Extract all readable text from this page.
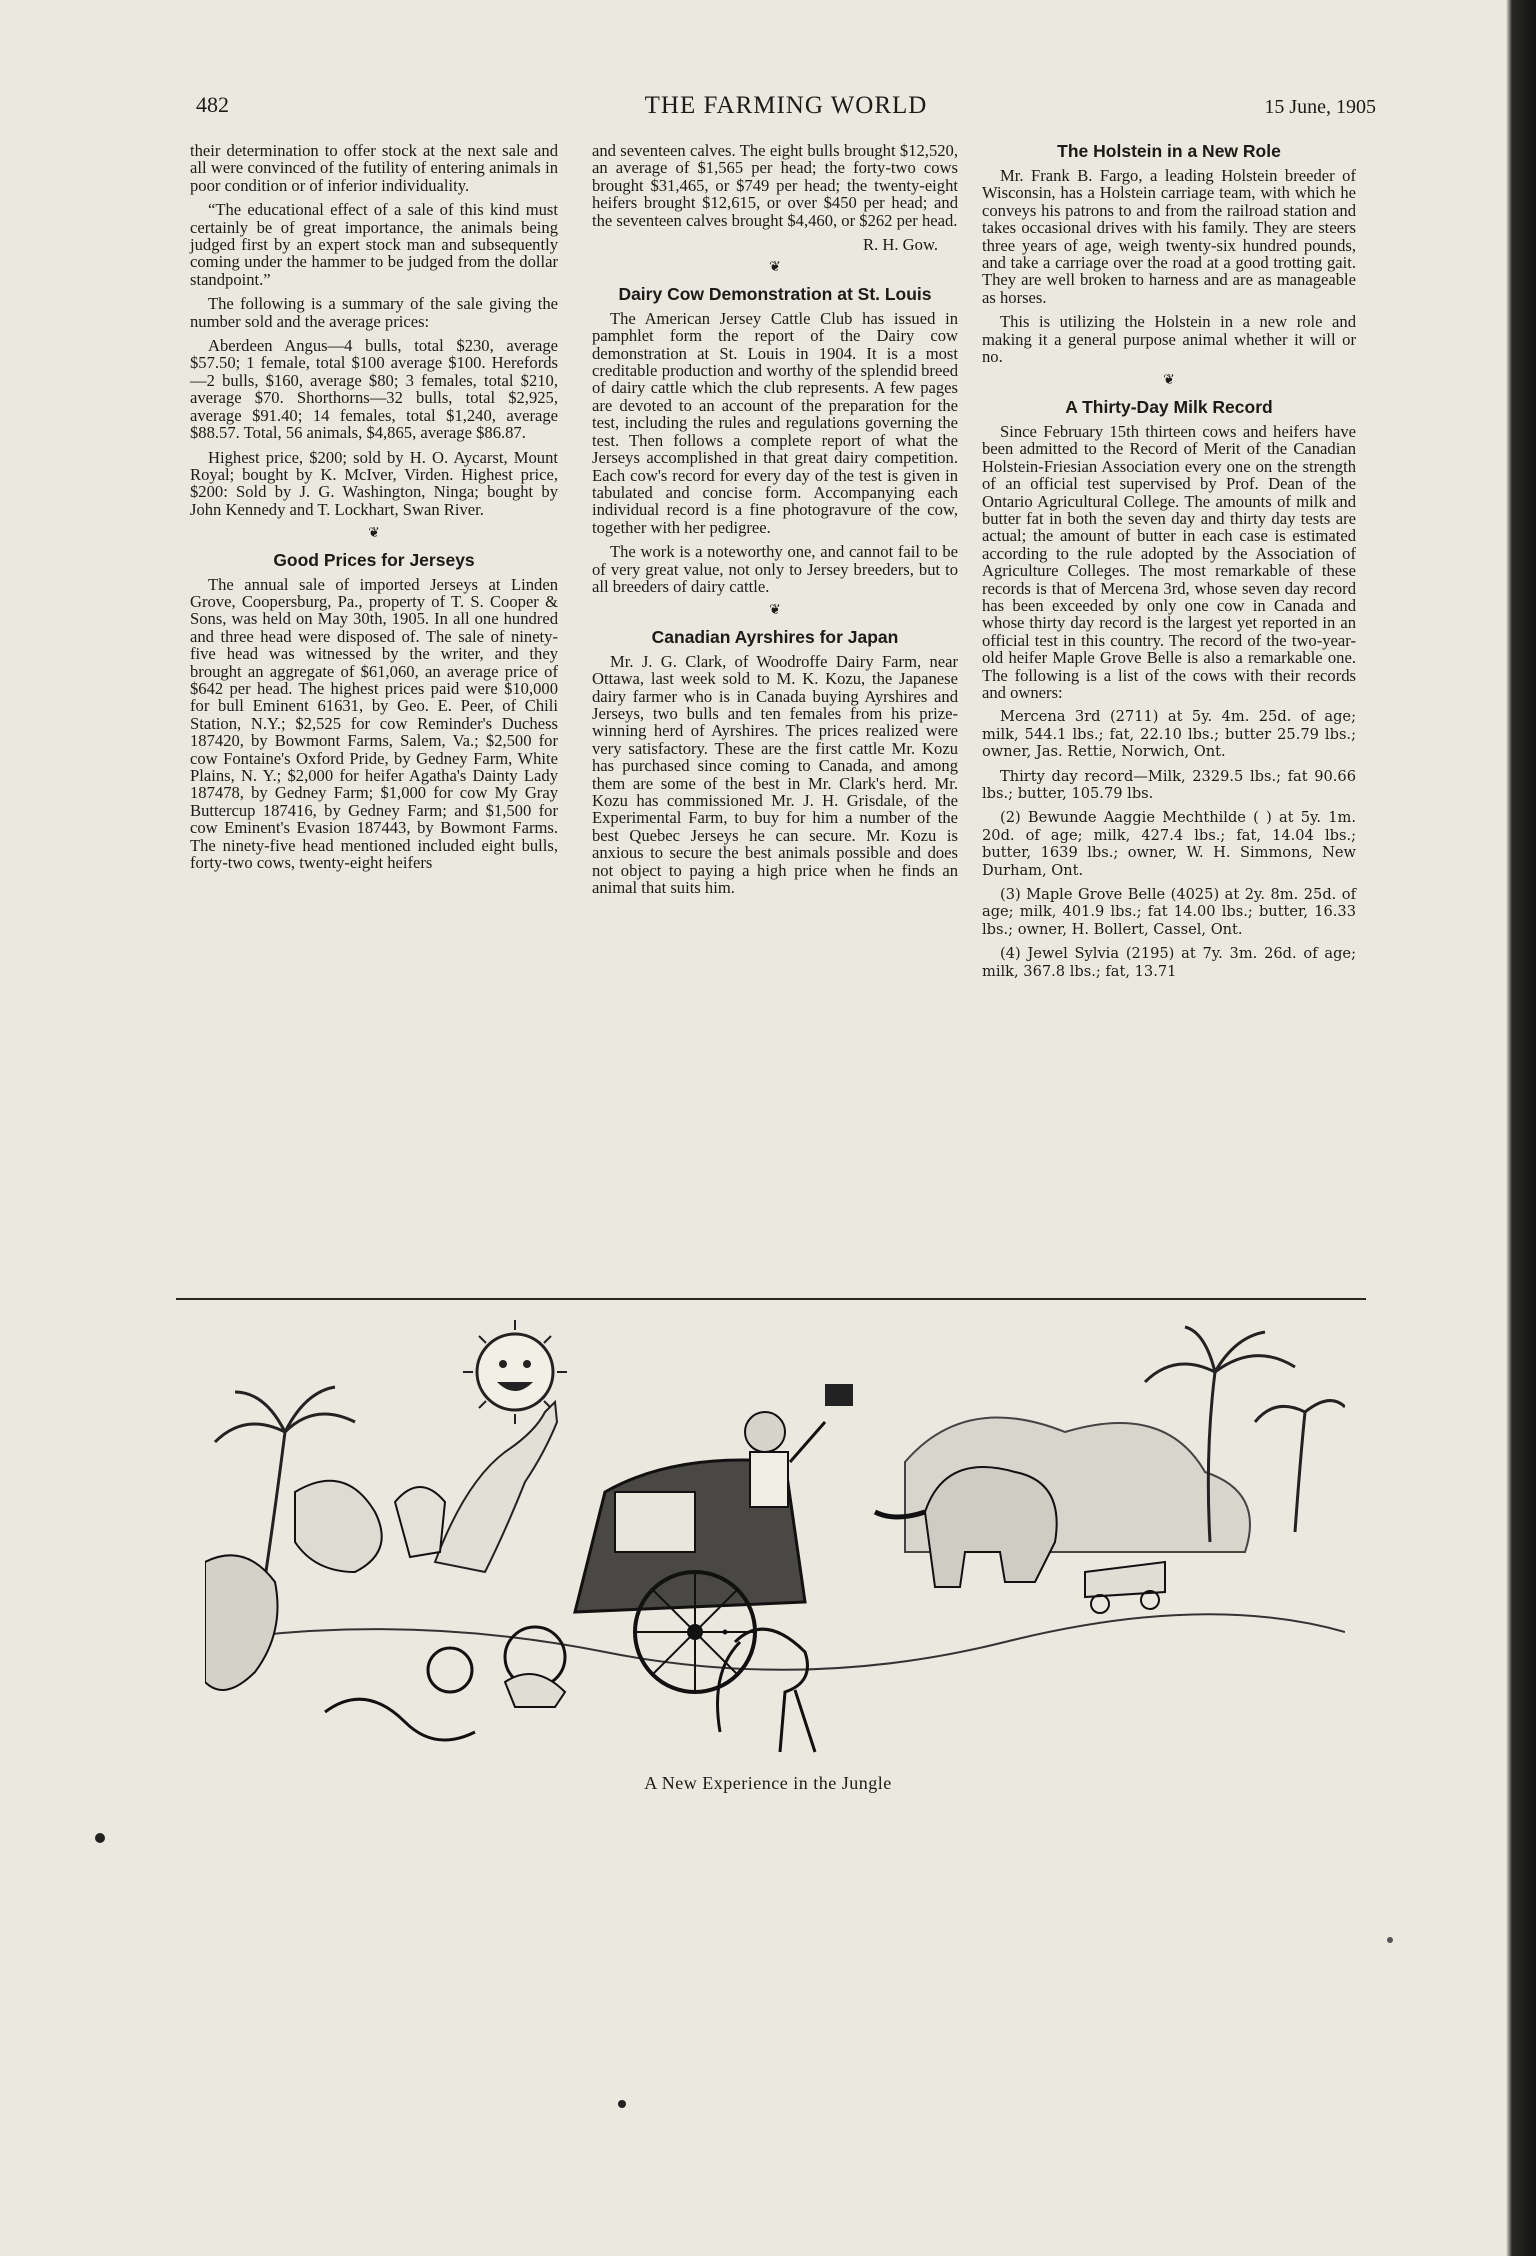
482	THE FARMING WORLD	15 June, 1905

their determination to offer stock at the next sale and all were convinced of the futility of entering animals in poor condition or of inferior individuality.

“The educational effect of a sale of this kind must certainly be of great importance, the animals being judged first by an expert stock man and subsequently coming under the hammer to be judged from the dollar standpoint.”

The following is a summary of the sale giving the number sold and the average prices:

Aberdeen Angus—4 bulls, total $230, average $57.50; 1 female, total $100 average $100. Herefords—2 bulls, $160, average $80; 3 females, total $210, average $70. Shorthorns—32 bulls, total $2,925, average $91.40; 14 females, total $1,240, average $88.57. Total, 56 animals, $4,865, average $86.87.

Highest price, $200; sold by H. O. Aycarst, Mount Royal; bought by K. McIver, Virden. Highest price, $200: Sold by J. G. Washington, Ninga; bought by John Kennedy and T. Lockhart, Swan River.

❦

Good Prices for Jerseys

The annual sale of imported Jerseys at Linden Grove, Coopersburg, Pa., property of T. S. Cooper & Sons, was held on May 30th, 1905. In all one hundred and three head were disposed of. The sale of ninety-five head was witnessed by the writer, and they brought an aggregate of $61,060, an average price of $642 per head. The highest prices paid were $10,000 for bull Eminent 61631, by Geo. E. Peer, of Chili Station, N.Y.; $2,525 for cow Reminder's Duchess 187420, by Bowmont Farms, Salem, Va.; $2,500 for cow Fontaine's Oxford Pride, by Gedney Farm, White Plains, N. Y.; $2,000 for heifer Agatha's Dainty Lady 187478, by Gedney Farm; $1,000 for cow My Gray Buttercup 187416, by Gedney Farm; and $1,500 for cow Eminent's Evasion 187443, by Bowmont Farms. The ninety-five head mentioned included eight bulls, forty-two cows, twenty-eight heifers

and seventeen calves. The eight bulls brought $12,520, an average of $1,565 per head; the forty-two cows brought $31,465, or $749 per head; the twenty-eight heifers brought $12,615, or over $450 per head; and the seventeen calves brought $4,460, or $262 per head.

R. H. Gow.

❦

Dairy Cow Demonstration at St. Louis

The American Jersey Cattle Club has issued in pamphlet form the report of the Dairy cow demonstration at St. Louis in 1904. It is a most creditable production and worthy of the splendid breed of dairy cattle which the club represents. A few pages are devoted to an account of the preparation for the test, including the rules and regulations governing the test. Then follows a complete report of what the Jerseys accomplished in that great dairy competition. Each cow's record for every day of the test is given in tabulated and concise form. Accompanying each individual record is a fine photogravure of the cow, together with her pedigree.

The work is a noteworthy one, and cannot fail to be of very great value, not only to Jersey breeders, but to all breeders of dairy cattle.

❦

Canadian Ayrshires for Japan

Mr. J. G. Clark, of Woodroffe Dairy Farm, near Ottawa, last week sold to M. K. Kozu, the Japanese dairy farmer who is in Canada buying Ayrshires and Jerseys, two bulls and ten females from his prize-winning herd of Ayrshires. The prices realized were very satisfactory. These are the first cattle Mr. Kozu has purchased since coming to Canada, and among them are some of the best in Mr. Clark's herd. Mr. Kozu has commissioned Mr. J. H. Grisdale, of the Experimental Farm, to buy for him a number of the best Quebec Jerseys he can secure. Mr. Kozu is anxious to secure the best animals possible and does not object to paying a high price when he finds an animal that suits him.

The Holstein in a New Role

Mr. Frank B. Fargo, a leading Holstein breeder of Wisconsin, has a Holstein carriage team, with which he conveys his patrons to and from the railroad station and takes occasional drives with his family. They are steers three years of age, weigh twenty-six hundred pounds, and take a carriage over the road at a good trotting gait. They are well broken to harness and are as manageable as horses.

This is utilizing the Holstein in a new role and making it a general purpose animal whether it will or no.

❦

A Thirty-Day Milk Record

Since February 15th thirteen cows and heifers have been admitted to the Record of Merit of the Canadian Holstein-Friesian Association every one on the strength of an official test supervised by Prof. Dean of the Ontario Agricultural College. The amounts of milk and butter fat in both the seven day and thirty day tests are actual; the amount of butter in each case is estimated according to the rule adopted by the Association of Agriculture Colleges. The most remarkable of these records is that of Mercena 3rd, whose seven day record has been exceeded by only one cow in Canada and whose thirty day record is the largest yet reported in an official test in this country. The record of the two-year-old heifer Maple Grove Belle is also a remarkable one. The following is a list of the cows with their records and owners:

Mercena 3rd (2711) at 5y. 4m. 25d. of age; milk, 544.1 lbs.; fat, 22.10 lbs.; butter 25.79 lbs.; owner, Jas. Rettie, Norwich, Ont.

Thirty day record—Milk, 2329.5 lbs.; fat 90.66 lbs.; butter, 105.79 lbs.

(2) Bewunde Aaggie Mechthilde ( ) at 5y. 1m. 20d. of age; milk, 427.4 lbs.; fat, 14.04 lbs.; butter, 1639 lbs.; owner, W. H. Simmons, New Durham, Ont.

(3) Maple Grove Belle (4025) at 2y. 8m. 25d. of age; milk, 401.9 lbs.; fat 14.00 lbs.; butter, 16.33 lbs.; owner, H. Bollert, Cassel, Ont.

(4) Jewel Sylvia (2195) at 7y. 3m. 26d. of age; milk, 367.8 lbs.; fat, 13.71

A New Experience in the Jungle
